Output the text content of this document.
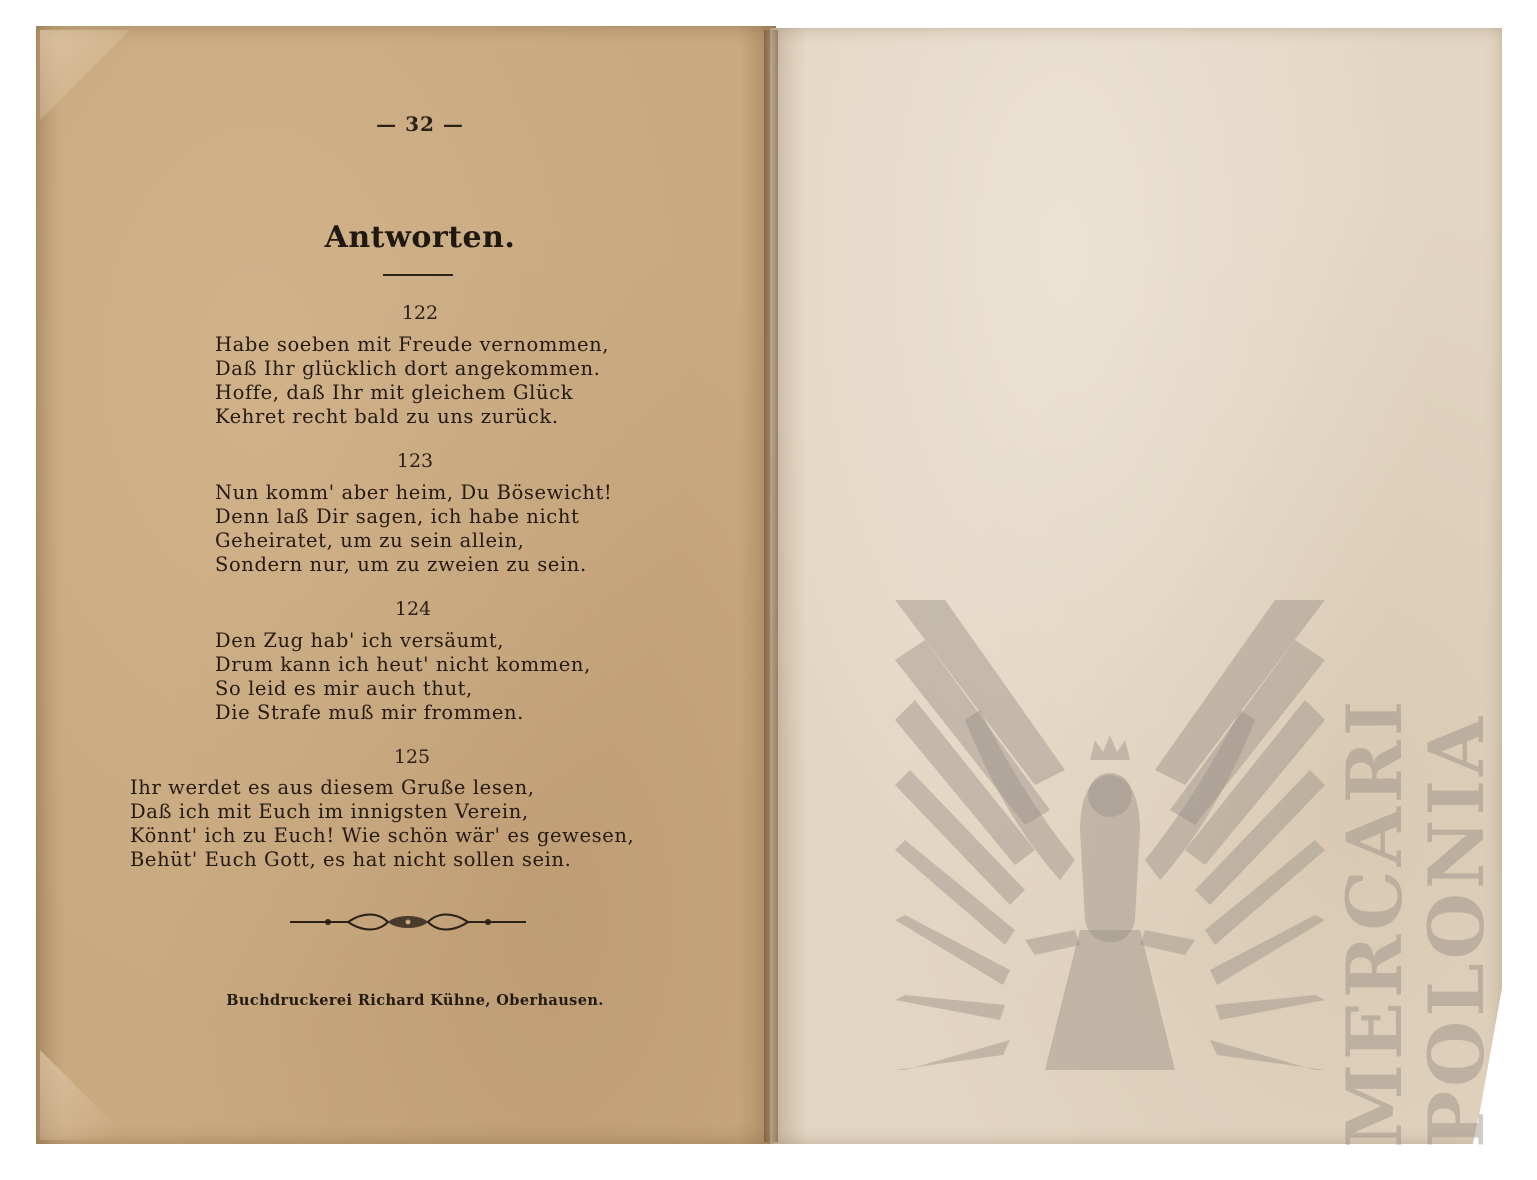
— 32 —
Antworten.
122
Habe soeben mit Freude vernommen,
Daß Ihr glücklich dort angekommen.
Hoffe, daß Ihr mit gleichem Glück
Kehret recht bald zu uns zurück.
123
Nun komm' aber heim, Du Bösewicht!
Denn laß Dir sagen, ich habe nicht
Geheiratet, um zu sein allein,
Sondern nur, um zu zweien zu sein.
124
Den Zug hab' ich versäumt,
Drum kann ich heut' nicht kommen,
So leid es mir auch thut,
Die Strafe muß mir frommen.
125
Ihr werdet es aus diesem Gruße lesen,
Daß ich mit Euch im innigsten Verein,
Könnt' ich zu Euch! Wie schön wär' es gewesen,
Behüt' Euch Gott, es hat nicht sollen sein.
Buchdruckerei Richard Kühne, Oberhausen.	MERCARI
POLONIA
